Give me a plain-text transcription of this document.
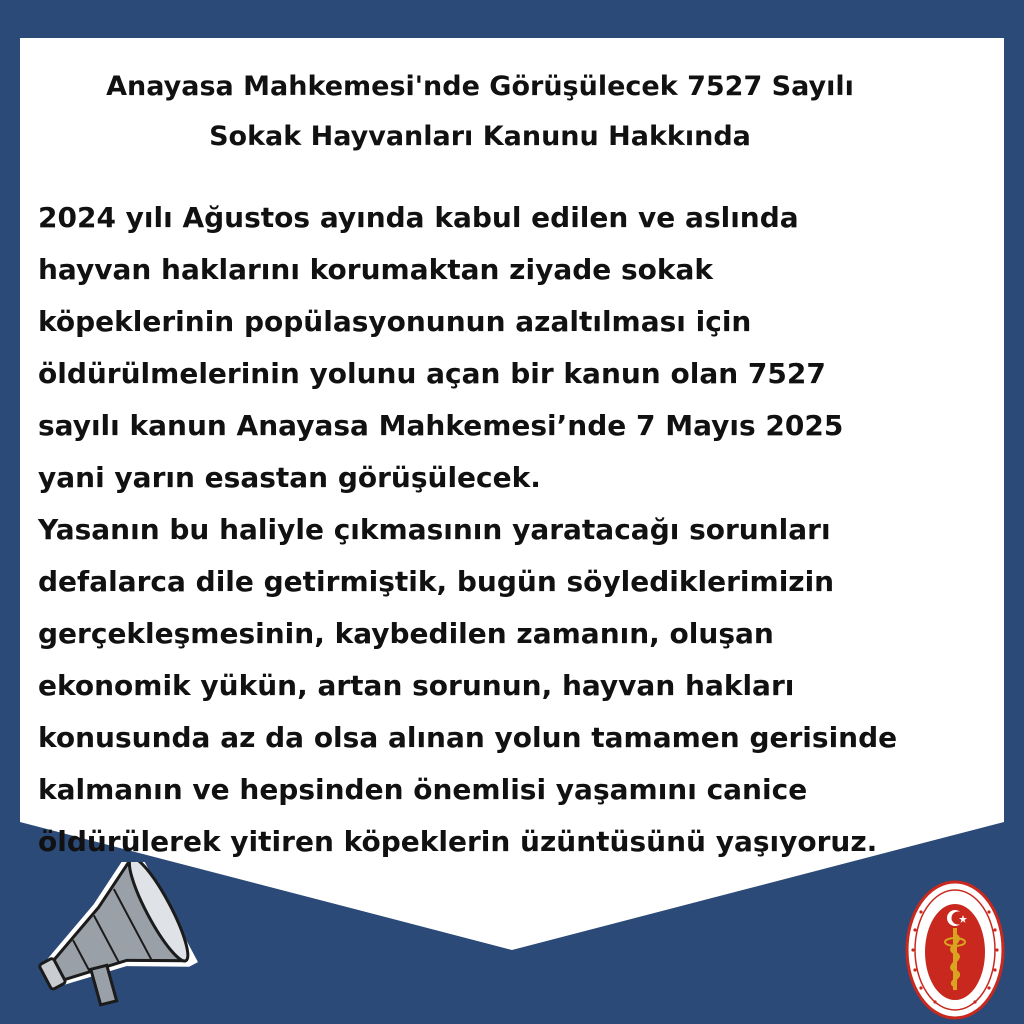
Anayasa Mahkemesi'nde Görüşülecek 7527 Sayılı
Sokak Hayvanları Kanunu Hakkında
2024 yılı Ağustos ayında kabul edilen ve aslında
hayvan haklarını korumaktan ziyade sokak
köpeklerinin popülasyonunun azaltılması için
öldürülmelerinin yolunu açan bir kanun olan 7527
sayılı kanun Anayasa Mahkemesi’nde 7 Mayıs 2025
yani yarın esastan görüşülecek.
Yasanın bu haliyle çıkmasının yaratacağı sorunları
defalarca dile getirmiştik, bugün söylediklerimizin
gerçekleşmesinin, kaybedilen zamanın, oluşan
ekonomik yükün, artan sorunun, hayvan hakları
konusunda az da olsa alınan yolun tamamen gerisinde
kalmanın ve hepsinden önemlisi yaşamını canice
öldürülerek yitiren köpeklerin üzüntüsünü yaşıyoruz.
